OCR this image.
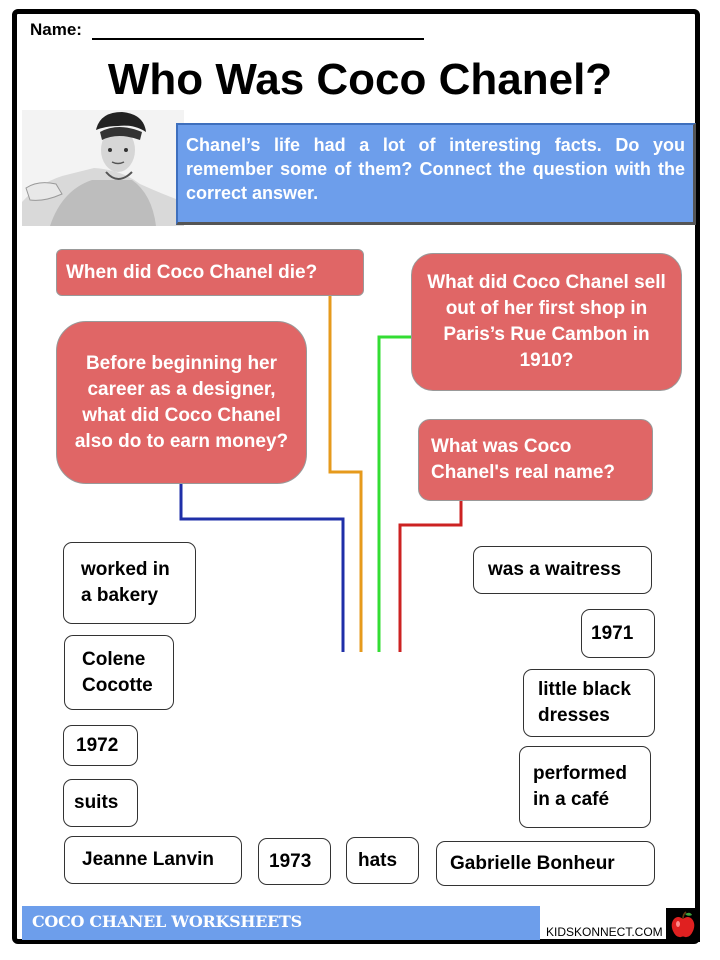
Name:
Who Was Coco Chanel?
Chanel’s life had a lot of interesting facts. Do you remember some of them? Connect the question with the correct answer.
When did Coco Chanel die?	What did Coco Chanel sell out of her first shop in Paris’s Rue Cambon in 1910?
Before beginning her career as a designer, what did Coco Chanel also do to earn money?	What was Coco Chanel's real name?
worked in a bakery
was a waitress
1971
Colene Cocotte	little black dresses
1972
performed in a café
suits
Jeanne Lanvin	1973	hats	Gabrielle Bonheur
COCO CHANEL WORKSHEETS
KIDSKONNECT.COM
